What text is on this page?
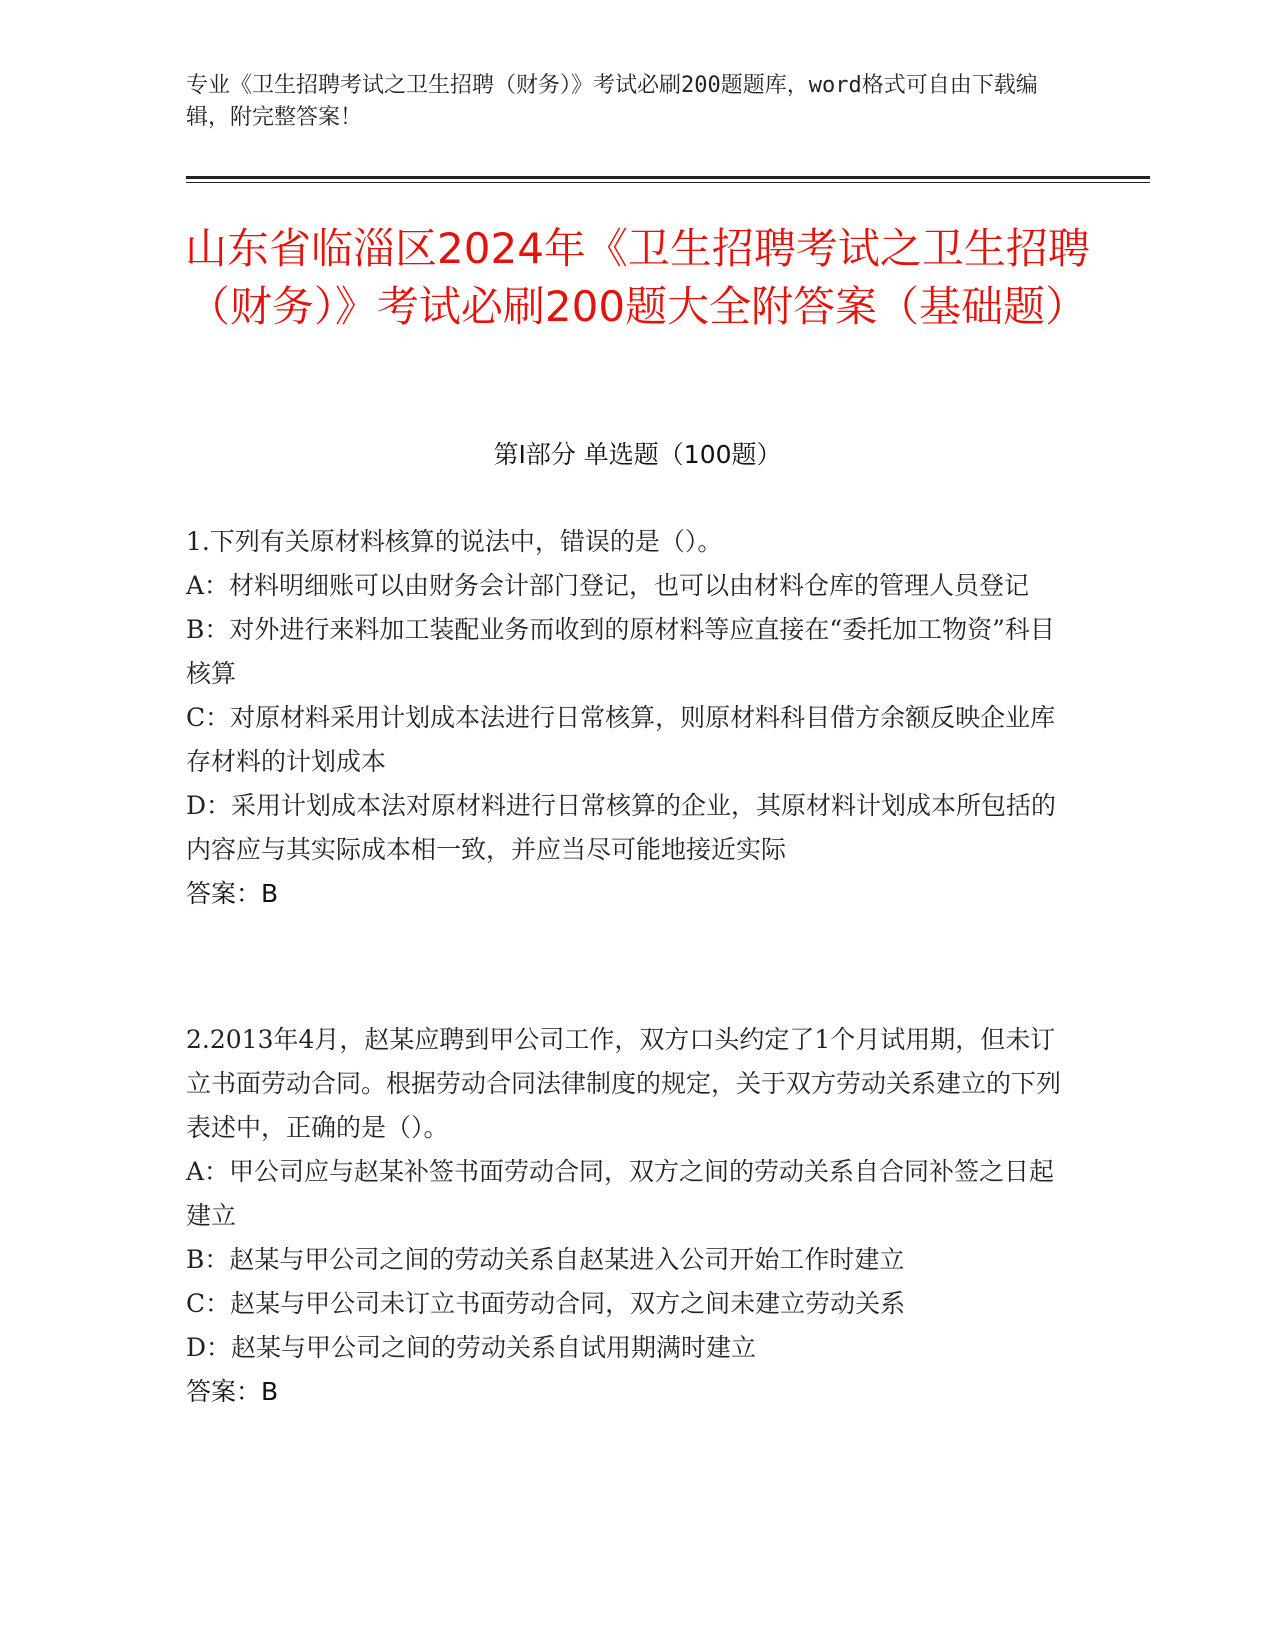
专业《卫生招聘考试之卫生招聘（财务）》考试必刷200题题库，word格式可自由下载编辑，附完整答案！
山东省临淄区2024年《卫生招聘考试之卫生招聘（财务）》考试必刷200题大全附答案（基础题）
第I部分 单选题（100题）
1.下列有关原材料核算的说法中，错误的是（）。
A：材料明细账可以由财务会计部门登记，也可以由材料仓库的管理人员登记
B：对外进行来料加工装配业务而收到的原材料等应直接在“委托加工物资”科目核算
C：对原材料采用计划成本法进行日常核算，则原材料科目借方余额反映企业库存材料的计划成本
D：采用计划成本法对原材料进行日常核算的企业，其原材料计划成本所包括的内容应与其实际成本相一致，并应当尽可能地接近实际
答案：B
2.2013年4月，赵某应聘到甲公司工作，双方口头约定了1个月试用期，但未订立书面劳动合同。根据劳动合同法律制度的规定，关于双方劳动关系建立的下列表述中，正确的是（）。
A：甲公司应与赵某补签书面劳动合同，双方之间的劳动关系自合同补签之日起建立
B：赵某与甲公司之间的劳动关系自赵某进入公司开始工作时建立
C：赵某与甲公司未订立书面劳动合同，双方之间未建立劳动关系
D：赵某与甲公司之间的劳动关系自试用期满时建立
答案：B
